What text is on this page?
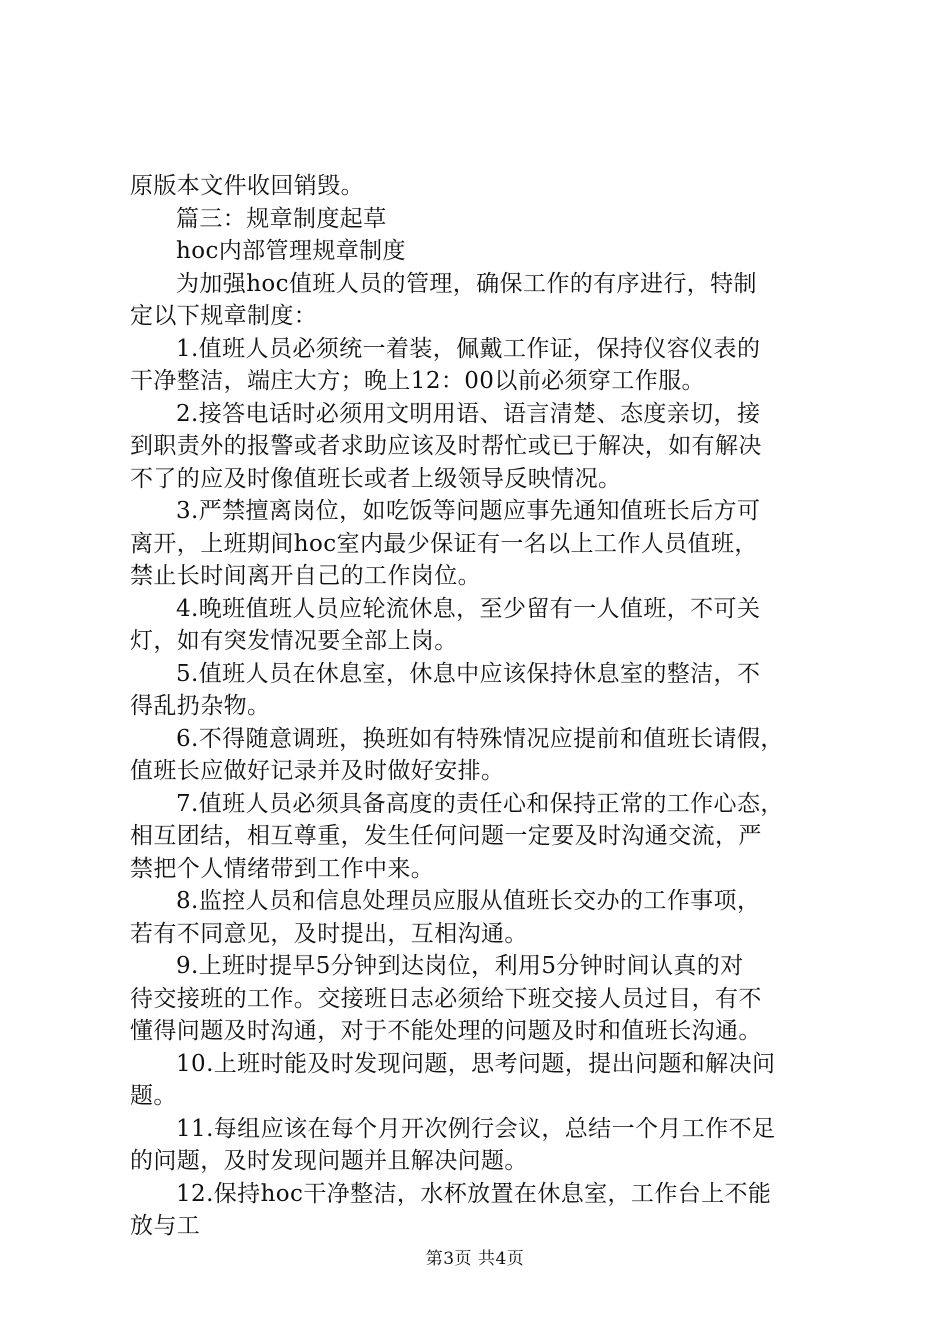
原版本文件收回销毁。
篇三：规章制度起草
hoc内部管理规章制度
为加强hoc值班人员的管理，确保工作的有序进行，特制
定以下规章制度：
1.值班人员必须统一着装，佩戴工作证，保持仪容仪表的
干净整洁，端庄大方；晚上12：00以前必须穿工作服。
2.接答电话时必须用文明用语、语言清楚、态度亲切，接
到职责外的报警或者求助应该及时帮忙或已于解决，如有解决
不了的应及时像值班长或者上级领导反映情况。
3.严禁擅离岗位，如吃饭等问题应事先通知值班长后方可
离开，上班期间hoc室内最少保证有一名以上工作人员值班，
禁止长时间离开自己的工作岗位。
4.晚班值班人员应轮流休息，至少留有一人值班，不可关
灯，如有突发情况要全部上岗。
5.值班人员在休息室，休息中应该保持休息室的整洁，不
得乱扔杂物。
6.不得随意调班，换班如有特殊情况应提前和值班长请假，
值班长应做好记录并及时做好安排。
7.值班人员必须具备高度的责任心和保持正常的工作心态，
相互团结，相互尊重，发生任何问题一定要及时沟通交流，严
禁把个人情绪带到工作中来。
8.监控人员和信息处理员应服从值班长交办的工作事项，
若有不同意见，及时提出，互相沟通。
9.上班时提早5分钟到达岗位，利用5分钟时间认真的对
待交接班的工作。交接班日志必须给下班交接人员过目，有不
懂得问题及时沟通，对于不能处理的问题及时和值班长沟通。
10.上班时能及时发现问题，思考问题，提出问题和解决问
题。
11.每组应该在每个月开次例行会议，总结一个月工作不足
的问题，及时发现问题并且解决问题。
12.保持hoc干净整洁，水杯放置在休息室，工作台上不能
放与工
第3页 共4页
